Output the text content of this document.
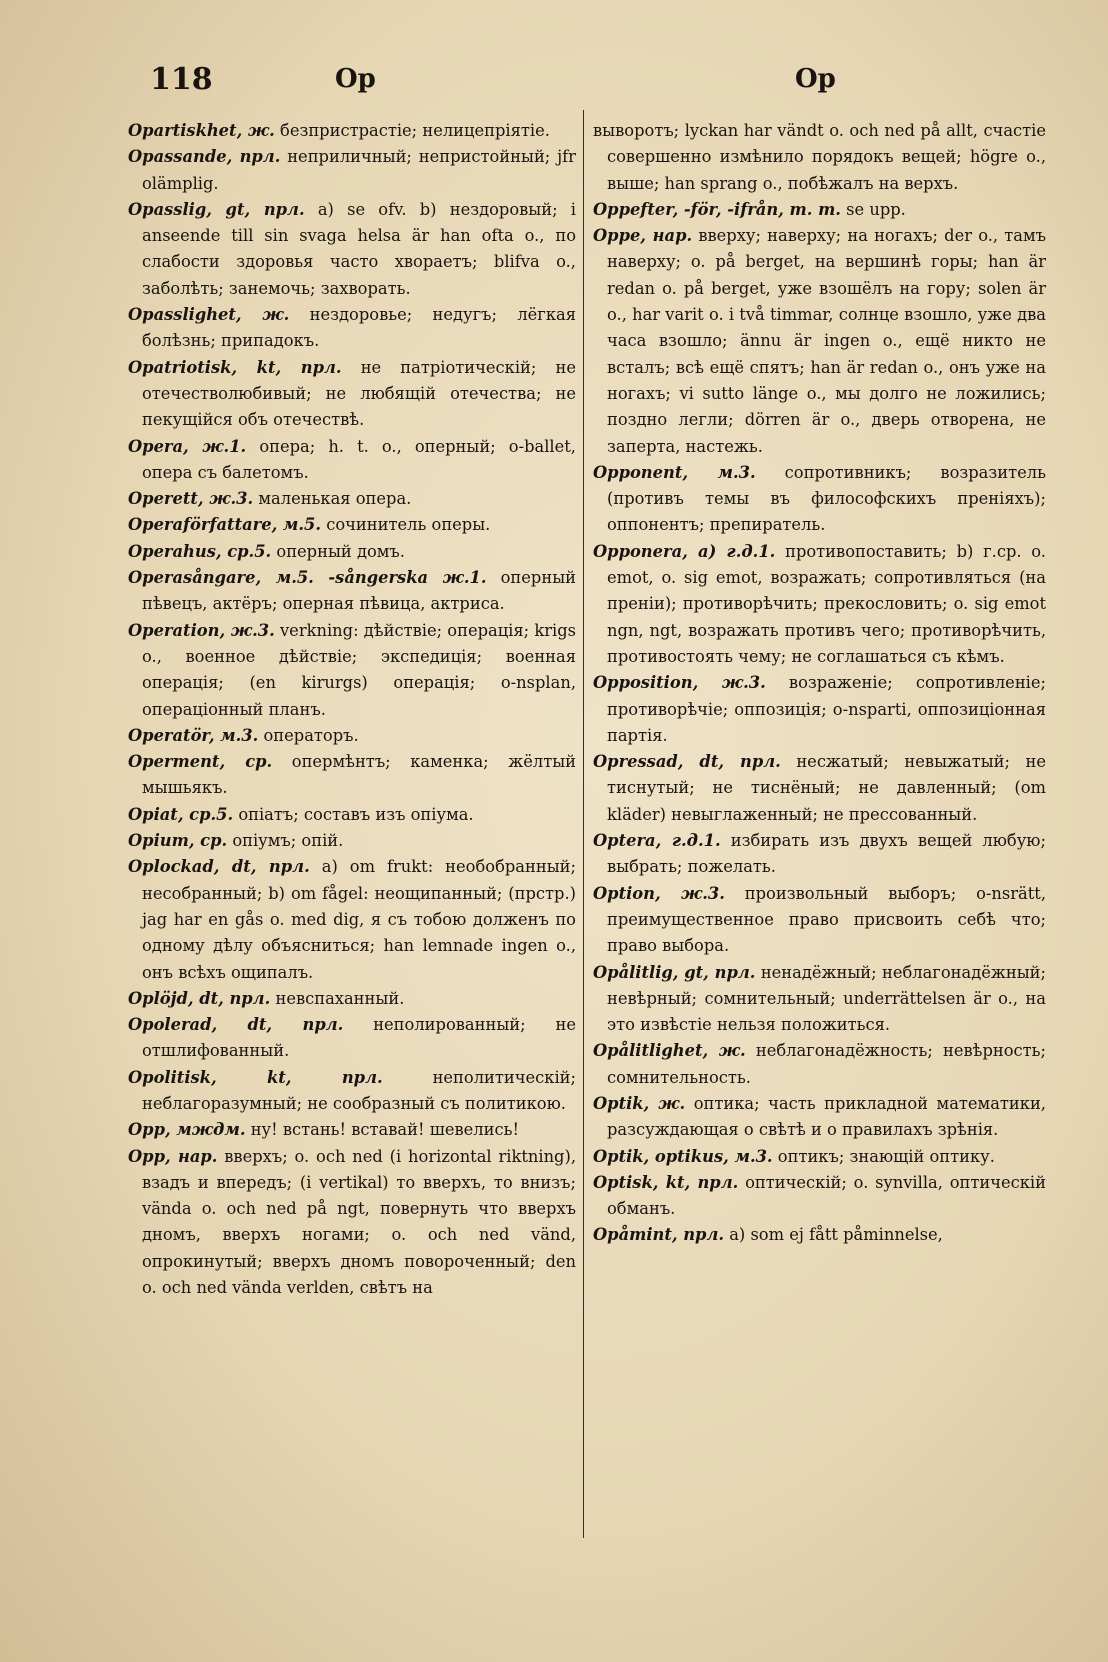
118	Op	Op

Opartiskhet, ж. безпристрастіе; нелицепріятіе.

Opassande, прл. неприличный; непристойный; jfr olämplig.

Opasslig, gt, прл. a) se ofv. b) нездоровый; i anseende till sin svaga helsa är han ofta o., по слабости здоровья часто хвораетъ; blifva o., заболѣть; занемочь; захворать.

Opasslighet, ж. нездоровье; недугъ; лёгкая болѣзнь; припадокъ.

Opatriotisk, kt, прл. не патріотическій; не отечестволюбивый; не любящій отечества; не пекущійся объ отечествѣ.

Opera, ж.1. опера; h. t. o., оперный; o-ballet, опера съ балетомъ.

Operett, ж.3. маленькая опера.

Operaförfattare, м.5. сочинитель оперы.

Operahus, ср.5. оперный домъ.

Operasångare, м.5. -sångerska ж.1. оперный пѣвецъ, актёръ; оперная пѣвица, актриса.

Operation, ж.3. verkning: дѣйствіе; операція; krigs o., военное дѣйствіе; экспедиція; военная операція; (en kirurgs) операція; o-nsplan, операціонный планъ.

Operatör, м.3. операторъ.

Operment, ср. опермѣнтъ; каменка; жёлтый мышьякъ.

Opiat, ср.5. опіатъ; составъ изъ опіума.

Opium, ср. опіумъ; опій.

Oplockad, dt, прл. a) om frukt: необобранный; несобранный; b) om fågel: неощипанный; (прстр.) jag har en gås o. med dig, я съ тобою долженъ по одному дѣлу объясниться; han lemnade ingen o., онъ всѣхъ ощипалъ.

Oplöjd, dt, прл. невспаханный.

Opolerad, dt, прл. неполированный; не отшлифованный.

Opolitisk, kt, прл.	неполитическій; неблагоразумный; не сообразный съ политикою.

Opp, мждм. ну! встань! вставай! шевелись!

Opp, нар. вверхъ; o. och ned (i horizontal riktning), взадъ и впередъ; (i vertikal) то вверхъ, то внизъ; vända o. och ned på ngt, повернуть что вверхъ дномъ, вверхъ ногами; o. och ned vänd, опрокинутый; вверхъ дномъ повороченный; den o. och ned vända verlden, свѣтъ на

выворотъ; lyckan har vändt o. och ned på allt, счастіе совершенно измѣнило порядокъ вещей; högre o., выше; han sprang o., побѣжалъ на верхъ.

Oppefter, -för, -ifrån, m. m. se upp.

Oppe, нар. вверху; наверху; на ногахъ; der o., тамъ наверху; o. på berget, на вершинѣ горы; han är redan o. på berget, уже взошёлъ на гору; solen är o., har varit o. i två timmar, солнце взошло, уже два часа взошло; ännu är ingen o., ещё никто не всталъ; всѣ ещё спятъ; han är redan o., онъ уже на ногахъ; vi sutto länge o., мы долго не ложились; поздно легли; dörren är o., дверь отворена, не заперта, настежь.

Opponent, м.3. сопротивникъ; возразитель (противъ темы въ философскихъ преніяхъ); оппонентъ; препиратель.

Opponera, a) г.д.1. противопоставить; b) г.ср. o. emot, o. sig emot, возражать; сопротивляться (на преніи); противорѣчить; прекословить; o. sig emot ngn, ngt, возражать противъ чего; противорѣчить, противостоять чему; не соглашаться съ кѣмъ.

Opposition, ж.3. возраженіе; сопротивленіе; противорѣчіе; оппозиція; o-nsparti, оппозиціонная партія.

Opressad, dt, прл. несжатый; невыжатый; не тиснутый; не тиснёный; не давленный; (om kläder) невыглаженный; не прессованный.

Optera, г.д.1. избирать изъ двухъ вещей любую; выбрать; пожелать.

Option, ж.3. произвольный выборъ; o-nsrätt, преимущественное право присвоить себѣ что; право выбора.

Opålitlig, gt, прл. ненадёжный; неблагонадёжный; невѣрный; сомнительный; underrättelsen är o., на это извѣстіе нельзя положиться.

Opålitlighet, ж. неблагонадёжность; невѣрность; сомнительность.

Optik, ж. оптика; часть прикладной математики, разсуждающая о свѣтѣ и о правилахъ зрѣнія.

Optik, optikus, м.3. оптикъ; знающій оптику.

Optisk, kt, прл. оптическій; o. synvilla, оптическій обманъ.

Opåmint, прл. a) som ej fått påminnelse,
